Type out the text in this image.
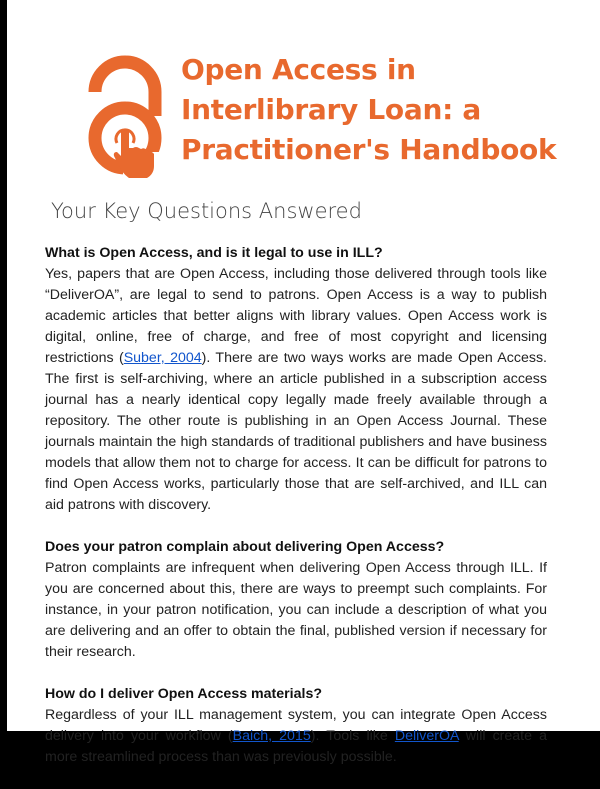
Open Access in
Interlibrary Loan: a
Practitioner's Handbook
Your Key Questions Answered
What is Open Access, and is it legal to use in ILL?
Yes, papers that are Open Access, including those delivered through tools like “DeliverOA”, are legal to send to patrons. Open Access is a way to publish academic articles that better aligns with library values. Open Access work is digital, online, free of charge, and free of most copyright and licensing restrictions (Suber, 2004). There are two ways works are made Open Access. The first is self-archiving, where an article published in a subscription access journal has a nearly identical copy legally made freely available through a repository. The other route is publishing in an Open Access Journal. These journals maintain the high standards of traditional publishers and have business models that allow them not to charge for access. It can be difficult for patrons to find Open Access works, particularly those that are self-archived, and ILL can aid patrons with discovery.
Does your patron complain about delivering Open Access?
Patron complaints are infrequent when delivering Open Access through ILL. If you are concerned about this, there are ways to preempt such complaints. For instance, in your patron notification, you can include a description of what you are delivering and an offer to obtain the final, published version if necessary for their research.
How do I deliver Open Access materials?
Regardless of your ILL management system, you can integrate Open Access delivery into your workflow (Baich, 2015). Tools like DeliverOA will create a more streamlined process than was previously possible.
